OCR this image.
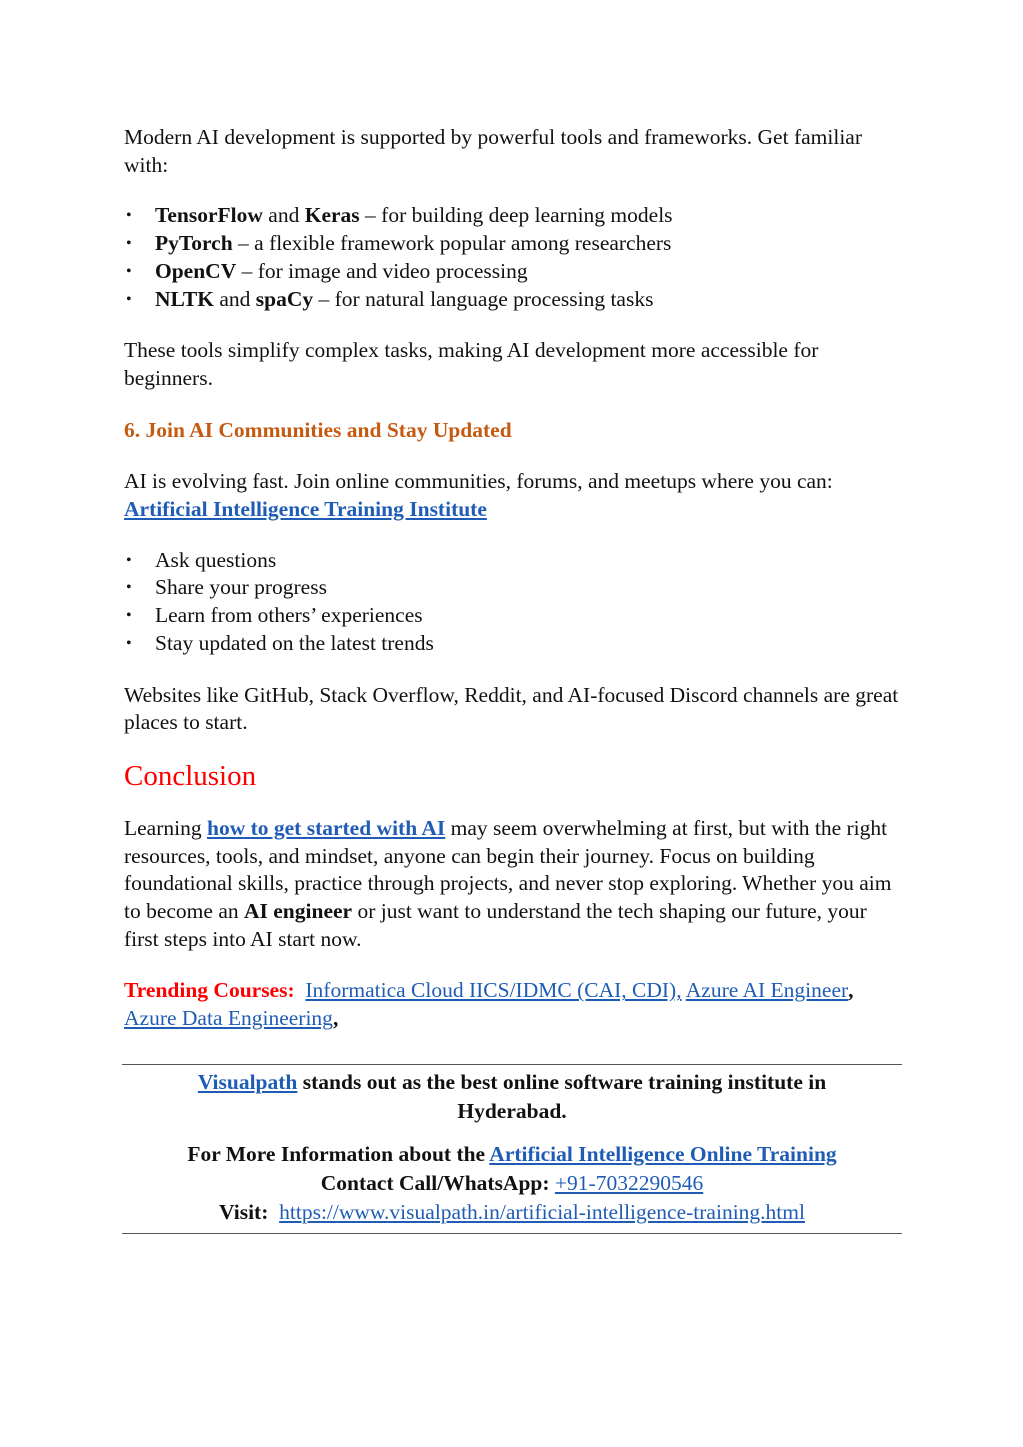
Modern AI development is supported by powerful tools and frameworks. Get familiar with:

• TensorFlow and Keras – for building deep learning models
• PyTorch – a flexible framework popular among researchers
• OpenCV – for image and video processing
• NLTK and spaCy – for natural language processing tasks

These tools simplify complex tasks, making AI development more accessible for beginners.

6. Join AI Communities and Stay Updated

AI is evolving fast. Join online communities, forums, and meetups where you can: Artificial Intelligence Training Institute

• Ask questions
• Share your progress
• Learn from others’ experiences
• Stay updated on the latest trends

Websites like GitHub, Stack Overflow, Reddit, and AI-focused Discord channels are great places to start.

Conclusion

Learning how to get started with AI may seem overwhelming at first, but with the right resources, tools, and mindset, anyone can begin their journey. Focus on building foundational skills, practice through projects, and never stop exploring. Whether you aim to become an AI engineer or just want to understand the tech shaping our future, your first steps into AI start now.

Trending Courses: Informatica Cloud IICS/IDMC (CAI, CDI), Azure AI Engineer, Azure Data Engineering,

Visualpath stands out as the best online software training institute in Hyderabad.

For More Information about the Artificial Intelligence Online Training

Contact Call/WhatsApp: +91-7032290546

Visit:  https://www.visualpath.in/artificial-intelligence-training.html
